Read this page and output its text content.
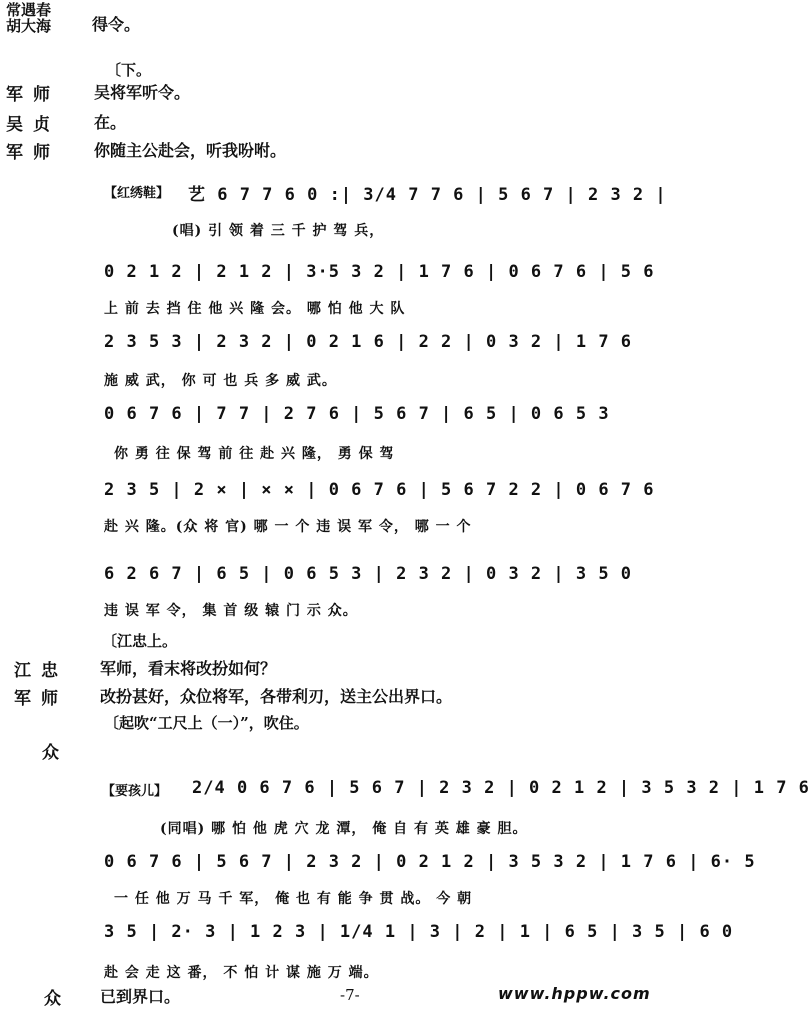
常遇春
胡大海	得令。
〔下。
军师 吴将军听令。
吴贞 在。
军师 你随主公赴会，听我吩咐。
【红绣鞋】 艺 6 7 7 6 0 :| 3/4 7 7 6 | 5 6 7 | 2 3 2 |
(唱) 引 领 着 三 千 护 驾 兵，
0 2 1 2 | 2 1 2 | 3·5 3 2 | 1 7 6 | 0 6 7 6 | 5 6
上 前 去 挡 住 他 兴 隆 会。 哪 怕 他 大 队
2 3 5 3 | 2 3 2 | 0 2 1 6 | 2 2 | 0 3 2 | 1 7 6
施 威 武， 你 可 也 兵 多 威 武。
0 6 7 6 | 7 7 | 2 7 6 | 5 6 7 | 6 5 | 0 6 5 3
你 勇 往 保 驾 前 往 赴 兴 隆， 勇 保 驾
2 3 5 | 2 × | × × | 0 6 7 6 | 5 6 7 2 2 | 0 6 7 6
赴 兴 隆。(众 将 官) 哪 一 个 违 误 军 令， 哪 一 个
6 2 6 7 | 6 5 | 0 6 5 3 | 2 3 2 | 0 3 2 | 3 5 0
违 误 军 令， 集 首 级 辕 门 示 众。
〔江忠上。
江忠 军师，看末将改扮如何？
军师 改扮甚好，众位将军，各带利刃，送主公出界口。
〔起吹“工尺上（一）”，吹住。
众
【要孩儿】 2/4 0 6 7 6 | 5 6 7 | 2 3 2 | 0 2 1 2 | 3 5 3 2 | 1 7 6
(同唱) 哪 怕 他 虎 穴 龙 潭， 俺 自 有 英 雄 豪 胆。
0 6 7 6 | 5 6 7 | 2 3 2 | 0 2 1 2 | 3 5 3 2 | 1 7 6 | 6· 5
一 任 他 万 马 千 军， 俺 也 有 能 争 贯 战。 今 朝
3 5 | 2· 3 | 1 2 3 | 1/4 1 | 3 | 2 | 1 | 6 5 | 3 5 | 6 0
赴 会 走 这 番， 不 怕 计 谋 施 万 端。
众 已到界口。	-7-	www.hppw.com
